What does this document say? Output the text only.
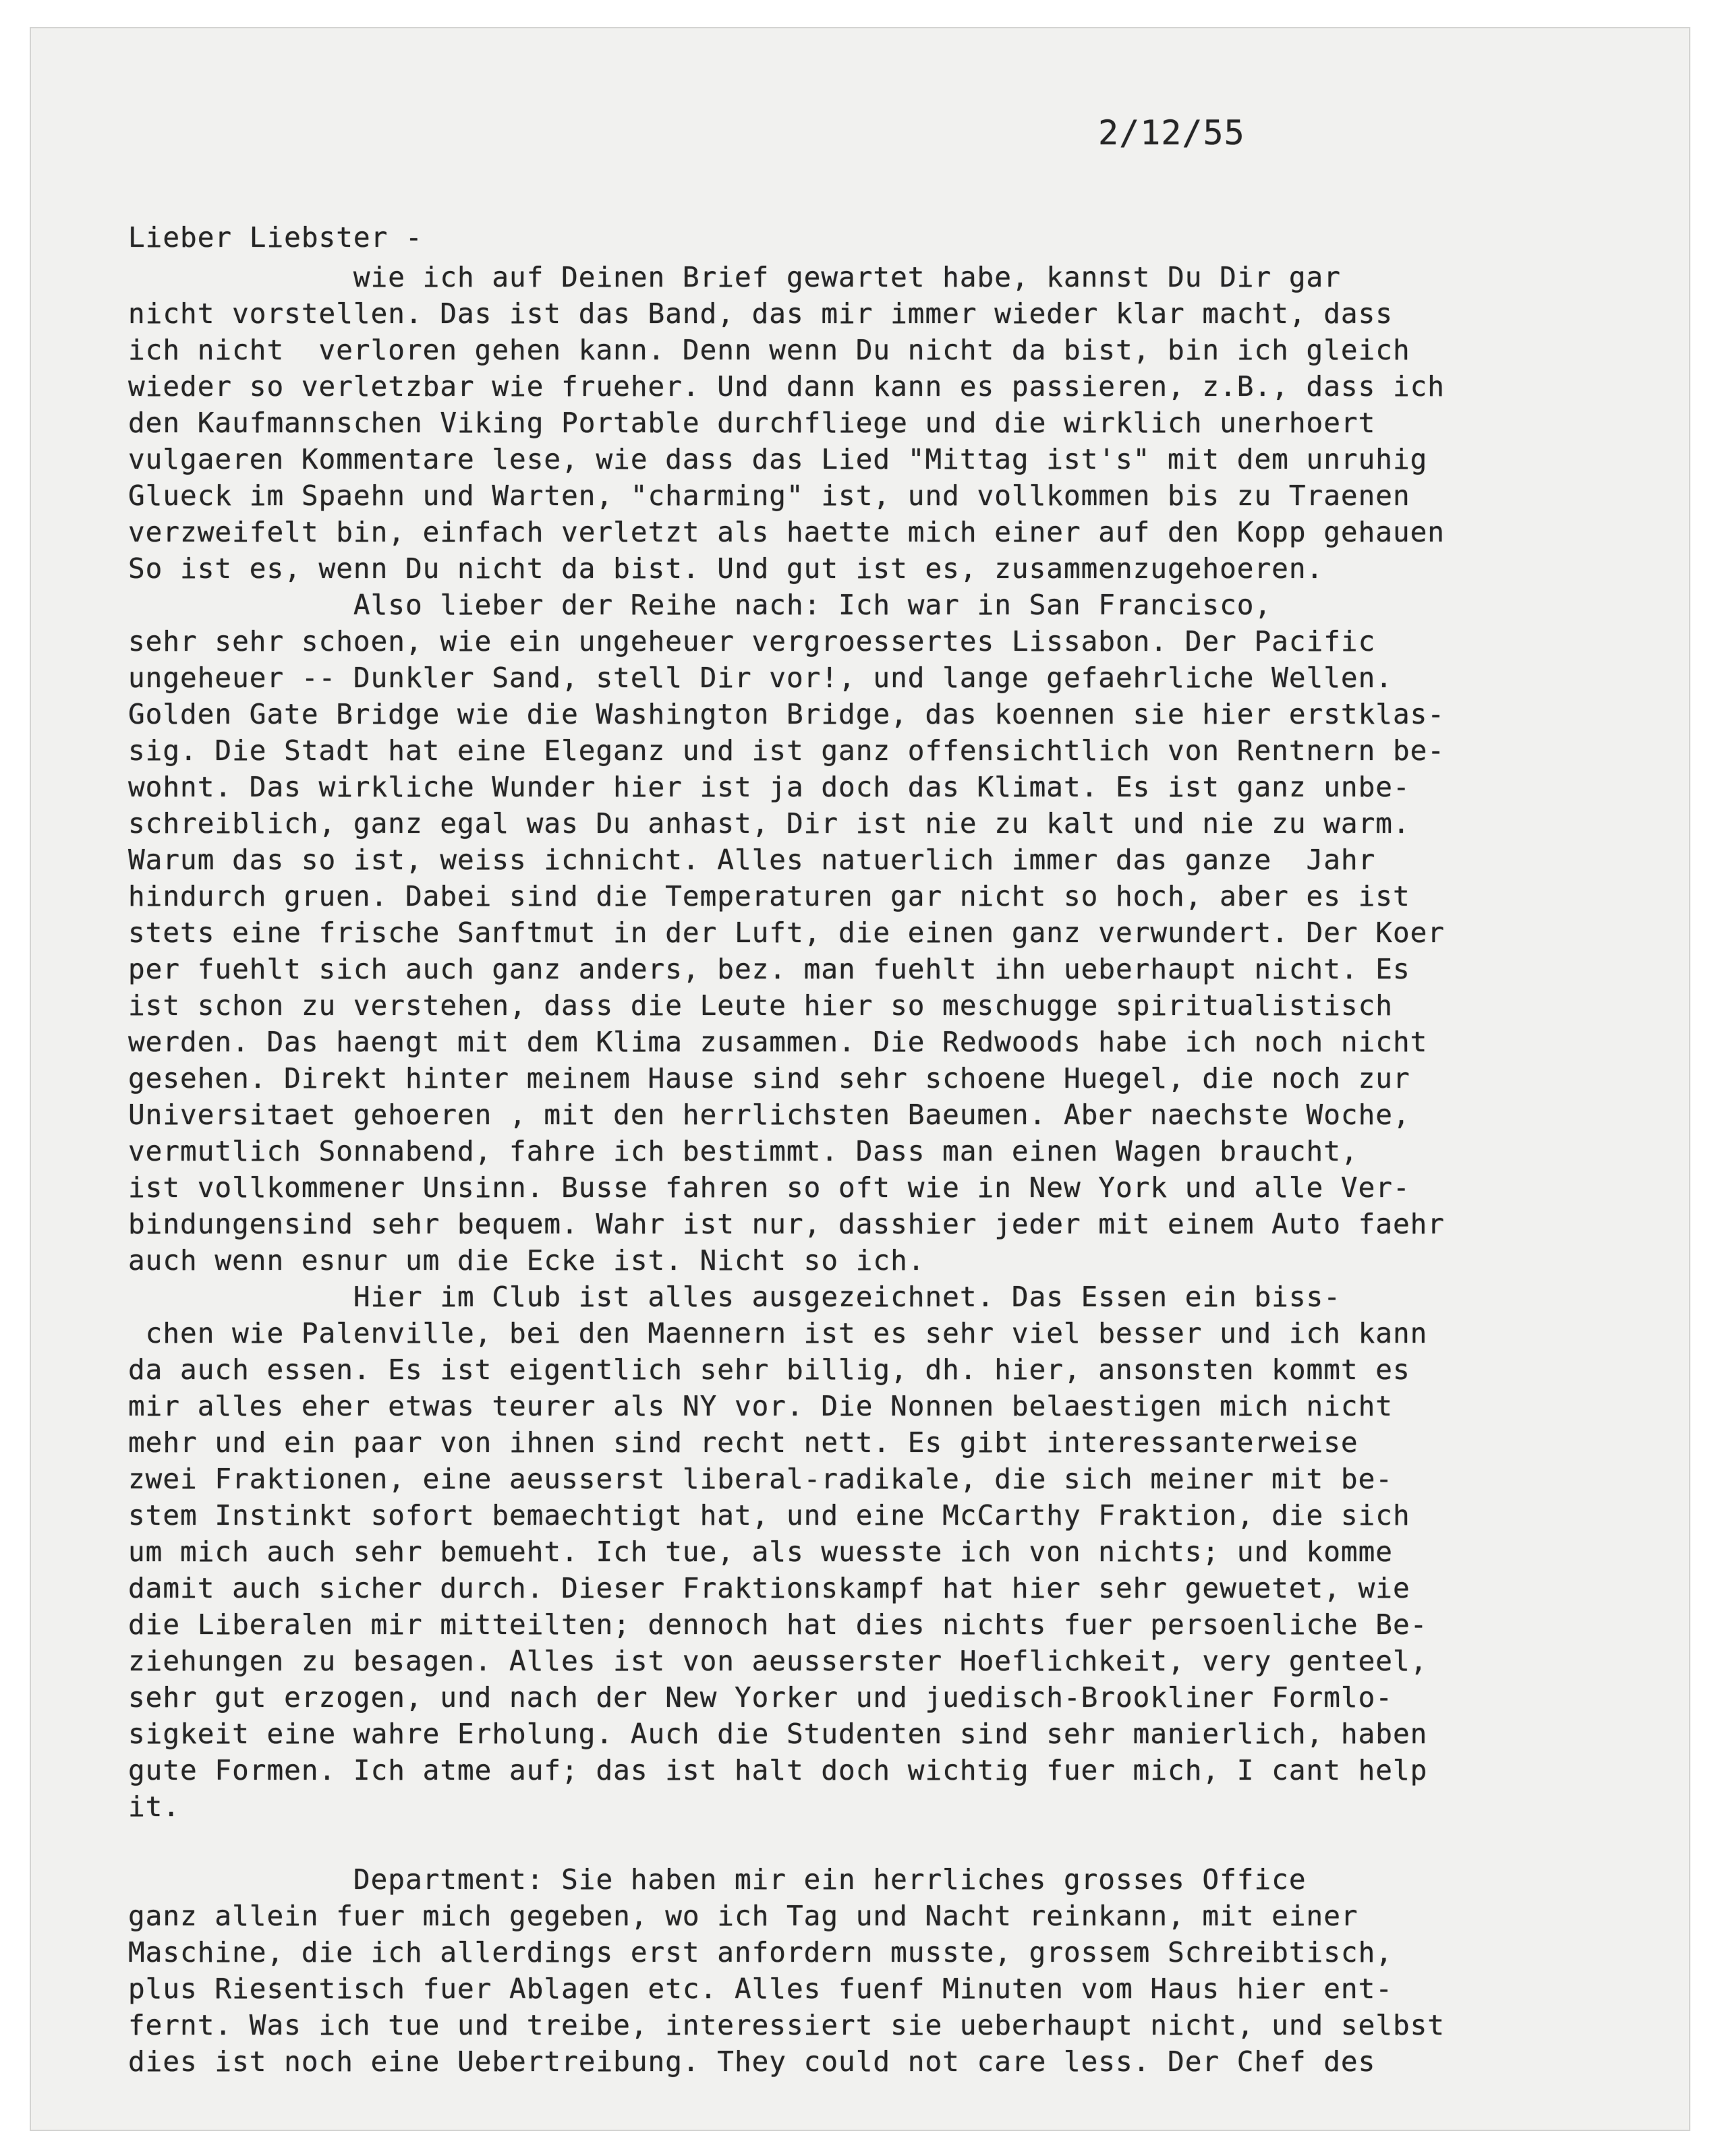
2/12/55
Lieber Liebster -
wie ich auf Deinen Brief gewartet habe, kannst Du Dir gar
nicht vorstellen. Das ist das Band, das mir immer wieder klar macht, dass
ich nicht  verloren gehen kann. Denn wenn Du nicht da bist, bin ich gleich
wieder so verletzbar wie frueher. Und dann kann es passieren, z.B., dass ich
den Kaufmannschen Viking Portable durchfliege und die wirklich unerhoert
vulgaeren Kommentare lese, wie dass das Lied "Mittag ist's" mit dem unruhig
Glueck im Spaehn und Warten, "charming" ist, und vollkommen bis zu Traenen
verzweifelt bin, einfach verletzt als haette mich einer auf den Kopp gehauen
So ist es, wenn Du nicht da bist. Und gut ist es, zusammenzugehoeren.
Also lieber der Reihe nach: Ich war in San Francisco,
sehr sehr schoen, wie ein ungeheuer vergroessertes Lissabon. Der Pacific
ungeheuer -- Dunkler Sand, stell Dir vor!, und lange gefaehrliche Wellen.
Golden Gate Bridge wie die Washington Bridge, das koennen sie hier erstklas-
sig. Die Stadt hat eine Eleganz und ist ganz offensichtlich von Rentnern be-
wohnt. Das wirkliche Wunder hier ist ja doch das Klimat. Es ist ganz unbe-
schreiblich, ganz egal was Du anhast, Dir ist nie zu kalt und nie zu warm.
Warum das so ist, weiss ichnicht. Alles natuerlich immer das ganze  Jahr
hindurch gruen. Dabei sind die Temperaturen gar nicht so hoch, aber es ist
stets eine frische Sanftmut in der Luft, die einen ganz verwundert. Der Koer
per fuehlt sich auch ganz anders, bez. man fuehlt ihn ueberhaupt nicht. Es
ist schon zu verstehen, dass die Leute hier so meschugge spiritualistisch
werden. Das haengt mit dem Klima zusammen. Die Redwoods habe ich noch nicht
gesehen. Direkt hinter meinem Hause sind sehr schoene Huegel, die noch zur
Universitaet gehoeren , mit den herrlichsten Baeumen. Aber naechste Woche,
vermutlich Sonnabend, fahre ich bestimmt. Dass man einen Wagen braucht,
ist vollkommener Unsinn. Busse fahren so oft wie in New York und alle Ver-
bindungensind sehr bequem. Wahr ist nur, dasshier jeder mit einem Auto faehr
auch wenn esnur um die Ecke ist. Nicht so ich.
Hier im Club ist alles ausgezeichnet. Das Essen ein biss-
chen wie Palenville, bei den Maennern ist es sehr viel besser und ich kann
da auch essen. Es ist eigentlich sehr billig, dh. hier, ansonsten kommt es
mir alles eher etwas teurer als NY vor. Die Nonnen belaestigen mich nicht
mehr und ein paar von ihnen sind recht nett. Es gibt interessanterweise
zwei Fraktionen, eine aeusserst liberal-radikale, die sich meiner mit be-
stem Instinkt sofort bemaechtigt hat, und eine McCarthy Fraktion, die sich
um mich auch sehr bemueht. Ich tue, als wuesste ich von nichts; und komme
damit auch sicher durch. Dieser Fraktionskampf hat hier sehr gewuetet, wie
die Liberalen mir mitteilten; dennoch hat dies nichts fuer persoenliche Be-
ziehungen zu besagen. Alles ist von aeusserster Hoeflichkeit, very genteel,
sehr gut erzogen, und nach der New Yorker und juedisch-Brookliner Formlo-
sigkeit eine wahre Erholung. Auch die Studenten sind sehr manierlich, haben
gute Formen. Ich atme auf; das ist halt doch wichtig fuer mich, I cant help
it.
Department: Sie haben mir ein herrliches grosses Office
ganz allein fuer mich gegeben, wo ich Tag und Nacht reinkann, mit einer
Maschine, die ich allerdings erst anfordern musste, grossem Schreibtisch,
plus Riesentisch fuer Ablagen etc. Alles fuenf Minuten vom Haus hier ent-
fernt. Was ich tue und treibe, interessiert sie ueberhaupt nicht, und selbst
dies ist noch eine Uebertreibung. They could not care less. Der Chef des
